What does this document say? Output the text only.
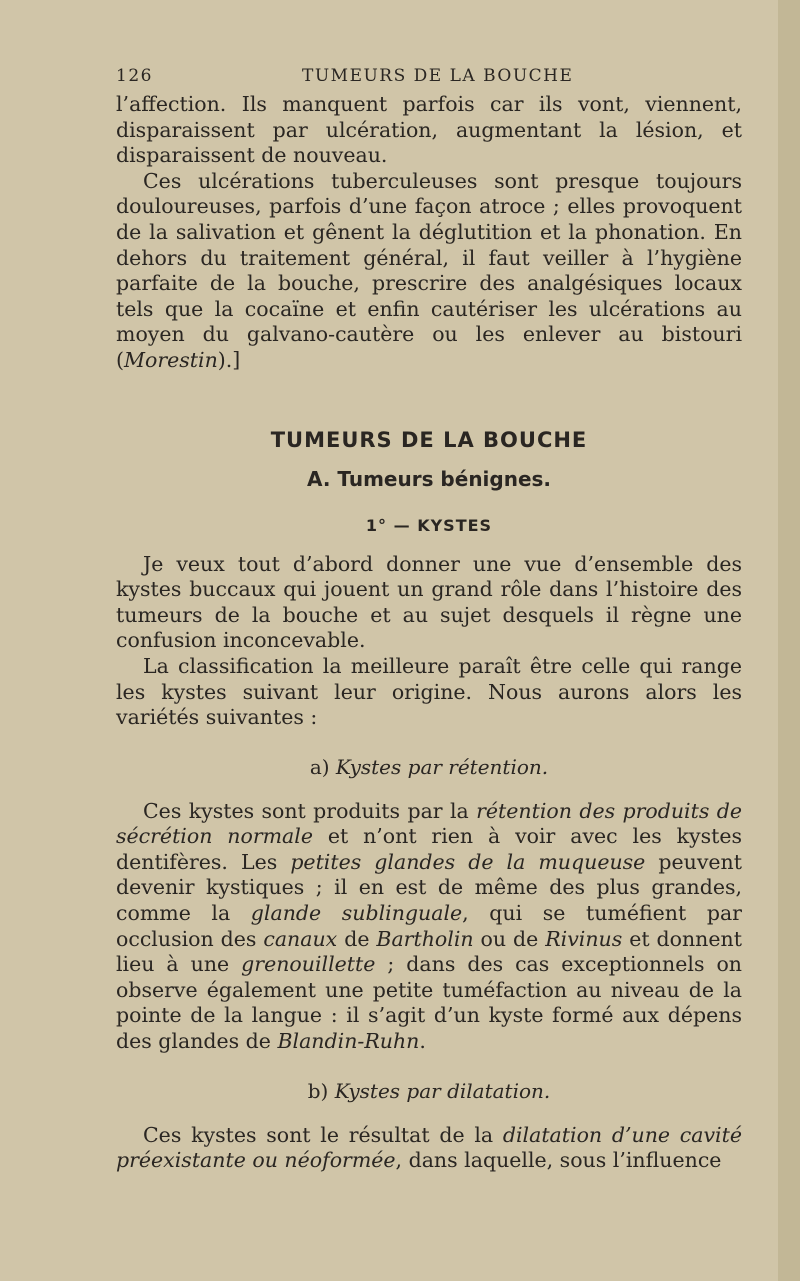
126	TUMEURS DE LA BOUCHE

l’affection. Ils manquent parfois car ils vont, viennent, disparaissent par ulcération, augmentant la lésion, et disparaissent de nouveau.

Ces ulcérations tuberculeuses sont presque toujours douloureuses, parfois d’une façon atroce ; elles provoquent de la salivation et gênent la déglutition et la phonation. En dehors du traitement général, il faut veiller à l’hygiène parfaite de la bouche, prescrire des analgésiques locaux tels que la cocaïne et enfin cautériser les ulcérations au moyen du galvano-cautère ou les enlever au bistouri (Morestin).]

TUMEURS DE LA BOUCHE
A. Tumeurs bénignes.
1° — KYSTES

Je veux tout d’abord donner une vue d’ensemble des kystes buccaux qui jouent un grand rôle dans l’histoire des tumeurs de la bouche et au sujet desquels il règne une confusion inconcevable.

La classification la meilleure paraît être celle qui range les kystes suivant leur origine. Nous aurons alors les variétés suivantes :

a) Kystes par rétention.

Ces kystes sont produits par la rétention des produits de sécrétion normale et n’ont rien à voir avec les kystes dentifères. Les petites glandes de la muqueuse peuvent devenir kystiques ; il en est de même des plus grandes, comme la glande sublinguale, qui se tuméfient par occlusion des canaux de Bartholin ou de Rivinus et donnent lieu à une grenouillette ; dans des cas exceptionnels on observe également une petite tuméfaction au niveau de la pointe de la langue : il s’agit d’un kyste formé aux dépens des glandes de Blandin-Ruhn.

b) Kystes par dilatation.

Ces kystes sont le résultat de la dilatation d’une cavité préexistante ou néoformée, dans laquelle, sous l’influence
